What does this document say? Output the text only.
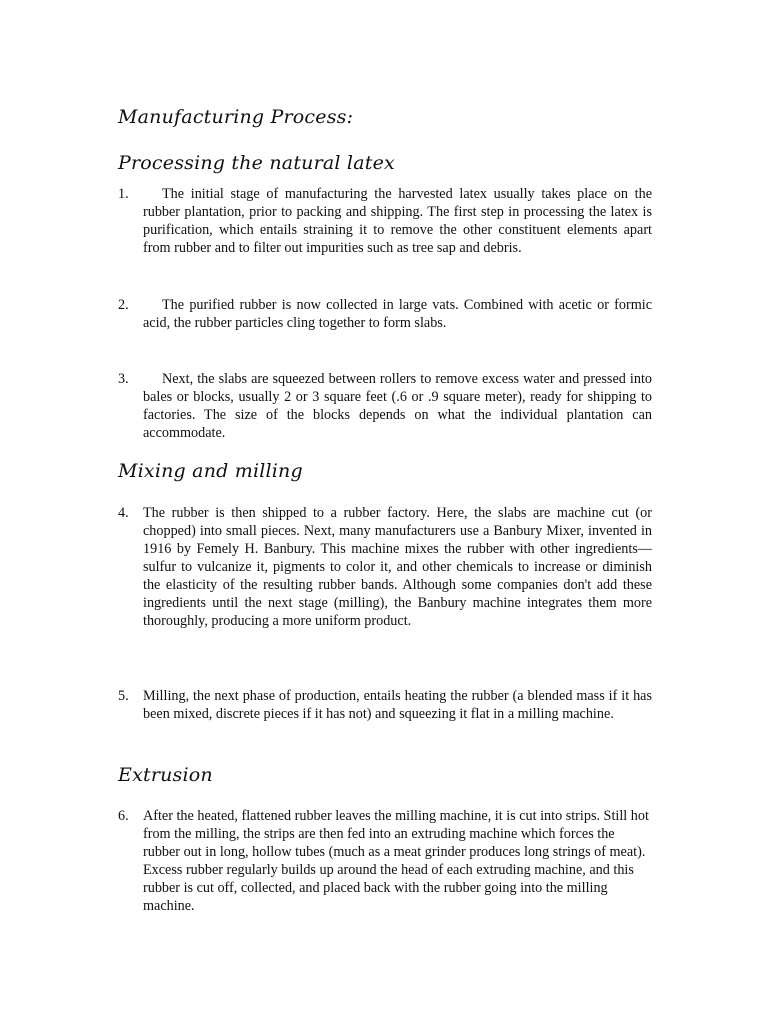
Manufacturing Process:
Processing the natural latex
1.	The initial stage of manufacturing the harvested latex usually takes place on the rubber plantation, prior to packing and shipping. The first step in processing the latex is purification, which entails straining it to remove the other constituent elements apart from rubber and to filter out impurities such as tree sap and debris.
2.	The purified rubber is now collected in large vats. Combined with acetic or formic acid, the rubber particles cling together to form slabs.
3.	Next, the slabs are squeezed between rollers to remove excess water and pressed into bales or blocks, usually 2 or 3 square feet (.6 or .9 square meter), ready for shipping to factories. The size of the blocks depends on what the individual plantation can accommodate.
Mixing and milling
4. The rubber is then shipped to a rubber factory. Here, the slabs are machine cut (or chopped) into small pieces. Next, many manufacturers use a Banbury Mixer, invented in 1916 by Femely H. Banbury. This machine mixes the rubber with other ingredients—sulfur to vulcanize it, pigments to color it, and other chemicals to increase or diminish the elasticity of the resulting rubber bands. Although some companies don't add these ingredients until the next stage (milling), the Banbury machine integrates them more thoroughly, producing a more uniform product.
5. Milling, the next phase of production, entails heating the rubber (a blended mass if it has been mixed, discrete pieces if it has not) and squeezing it flat in a milling machine.
Extrusion
6. After the heated, flattened rubber leaves the milling machine, it is cut into strips. Still hot from the milling, the strips are then fed into an extruding machine which forces the rubber out in long, hollow tubes (much as a meat grinder produces long strings of meat). Excess rubber regularly builds up around the head of each extruding machine, and this rubber is cut off, collected, and placed back with the rubber going into the milling machine.
